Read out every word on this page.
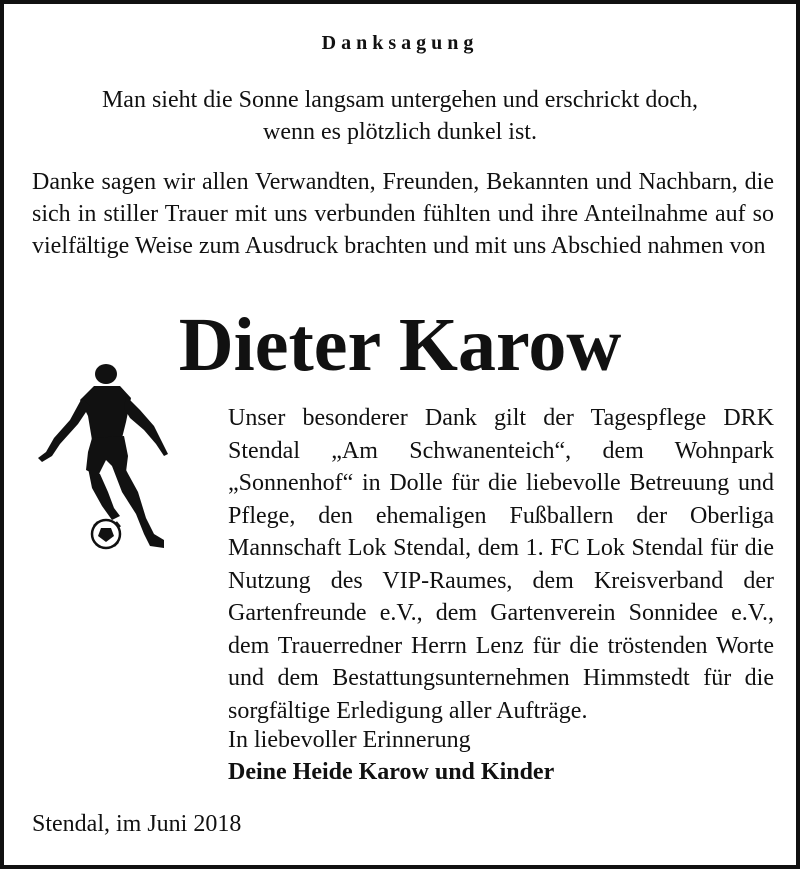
Danksagung
Man sieht die Sonne langsam untergehen und erschrickt doch,
wenn es plötzlich dunkel ist.
Danke sagen wir allen Verwandten, Freunden, Bekannten und Nachbarn, die sich in stiller Trauer mit uns verbunden fühlten und ihre Anteilnahme auf so vielfältige Weise zum Ausdruck brachten und mit uns Abschied nahmen von
Dieter Karow
Unser besonderer Dank gilt der Tagespflege DRK Stendal „Am Schwanenteich“, dem Wohnpark „Sonnenhof“ in Dolle für die liebevolle Betreuung und Pflege, den ehemaligen Fußballern der Oberliga Mannschaft Lok Stendal, dem 1. FC Lok Stendal für die Nutzung des VIP-Raumes, dem Kreisverband der Gartenfreunde e.V., dem Gartenverein Sonnidee e.V., dem Trauerredner Herrn Lenz für die tröstenden Worte und dem Bestattungsunternehmen Himmstedt für die sorgfältige Erledigung aller Aufträge.
In liebevoller Erinnerung
Deine Heide Karow und Kinder
Stendal, im Juni 2018
